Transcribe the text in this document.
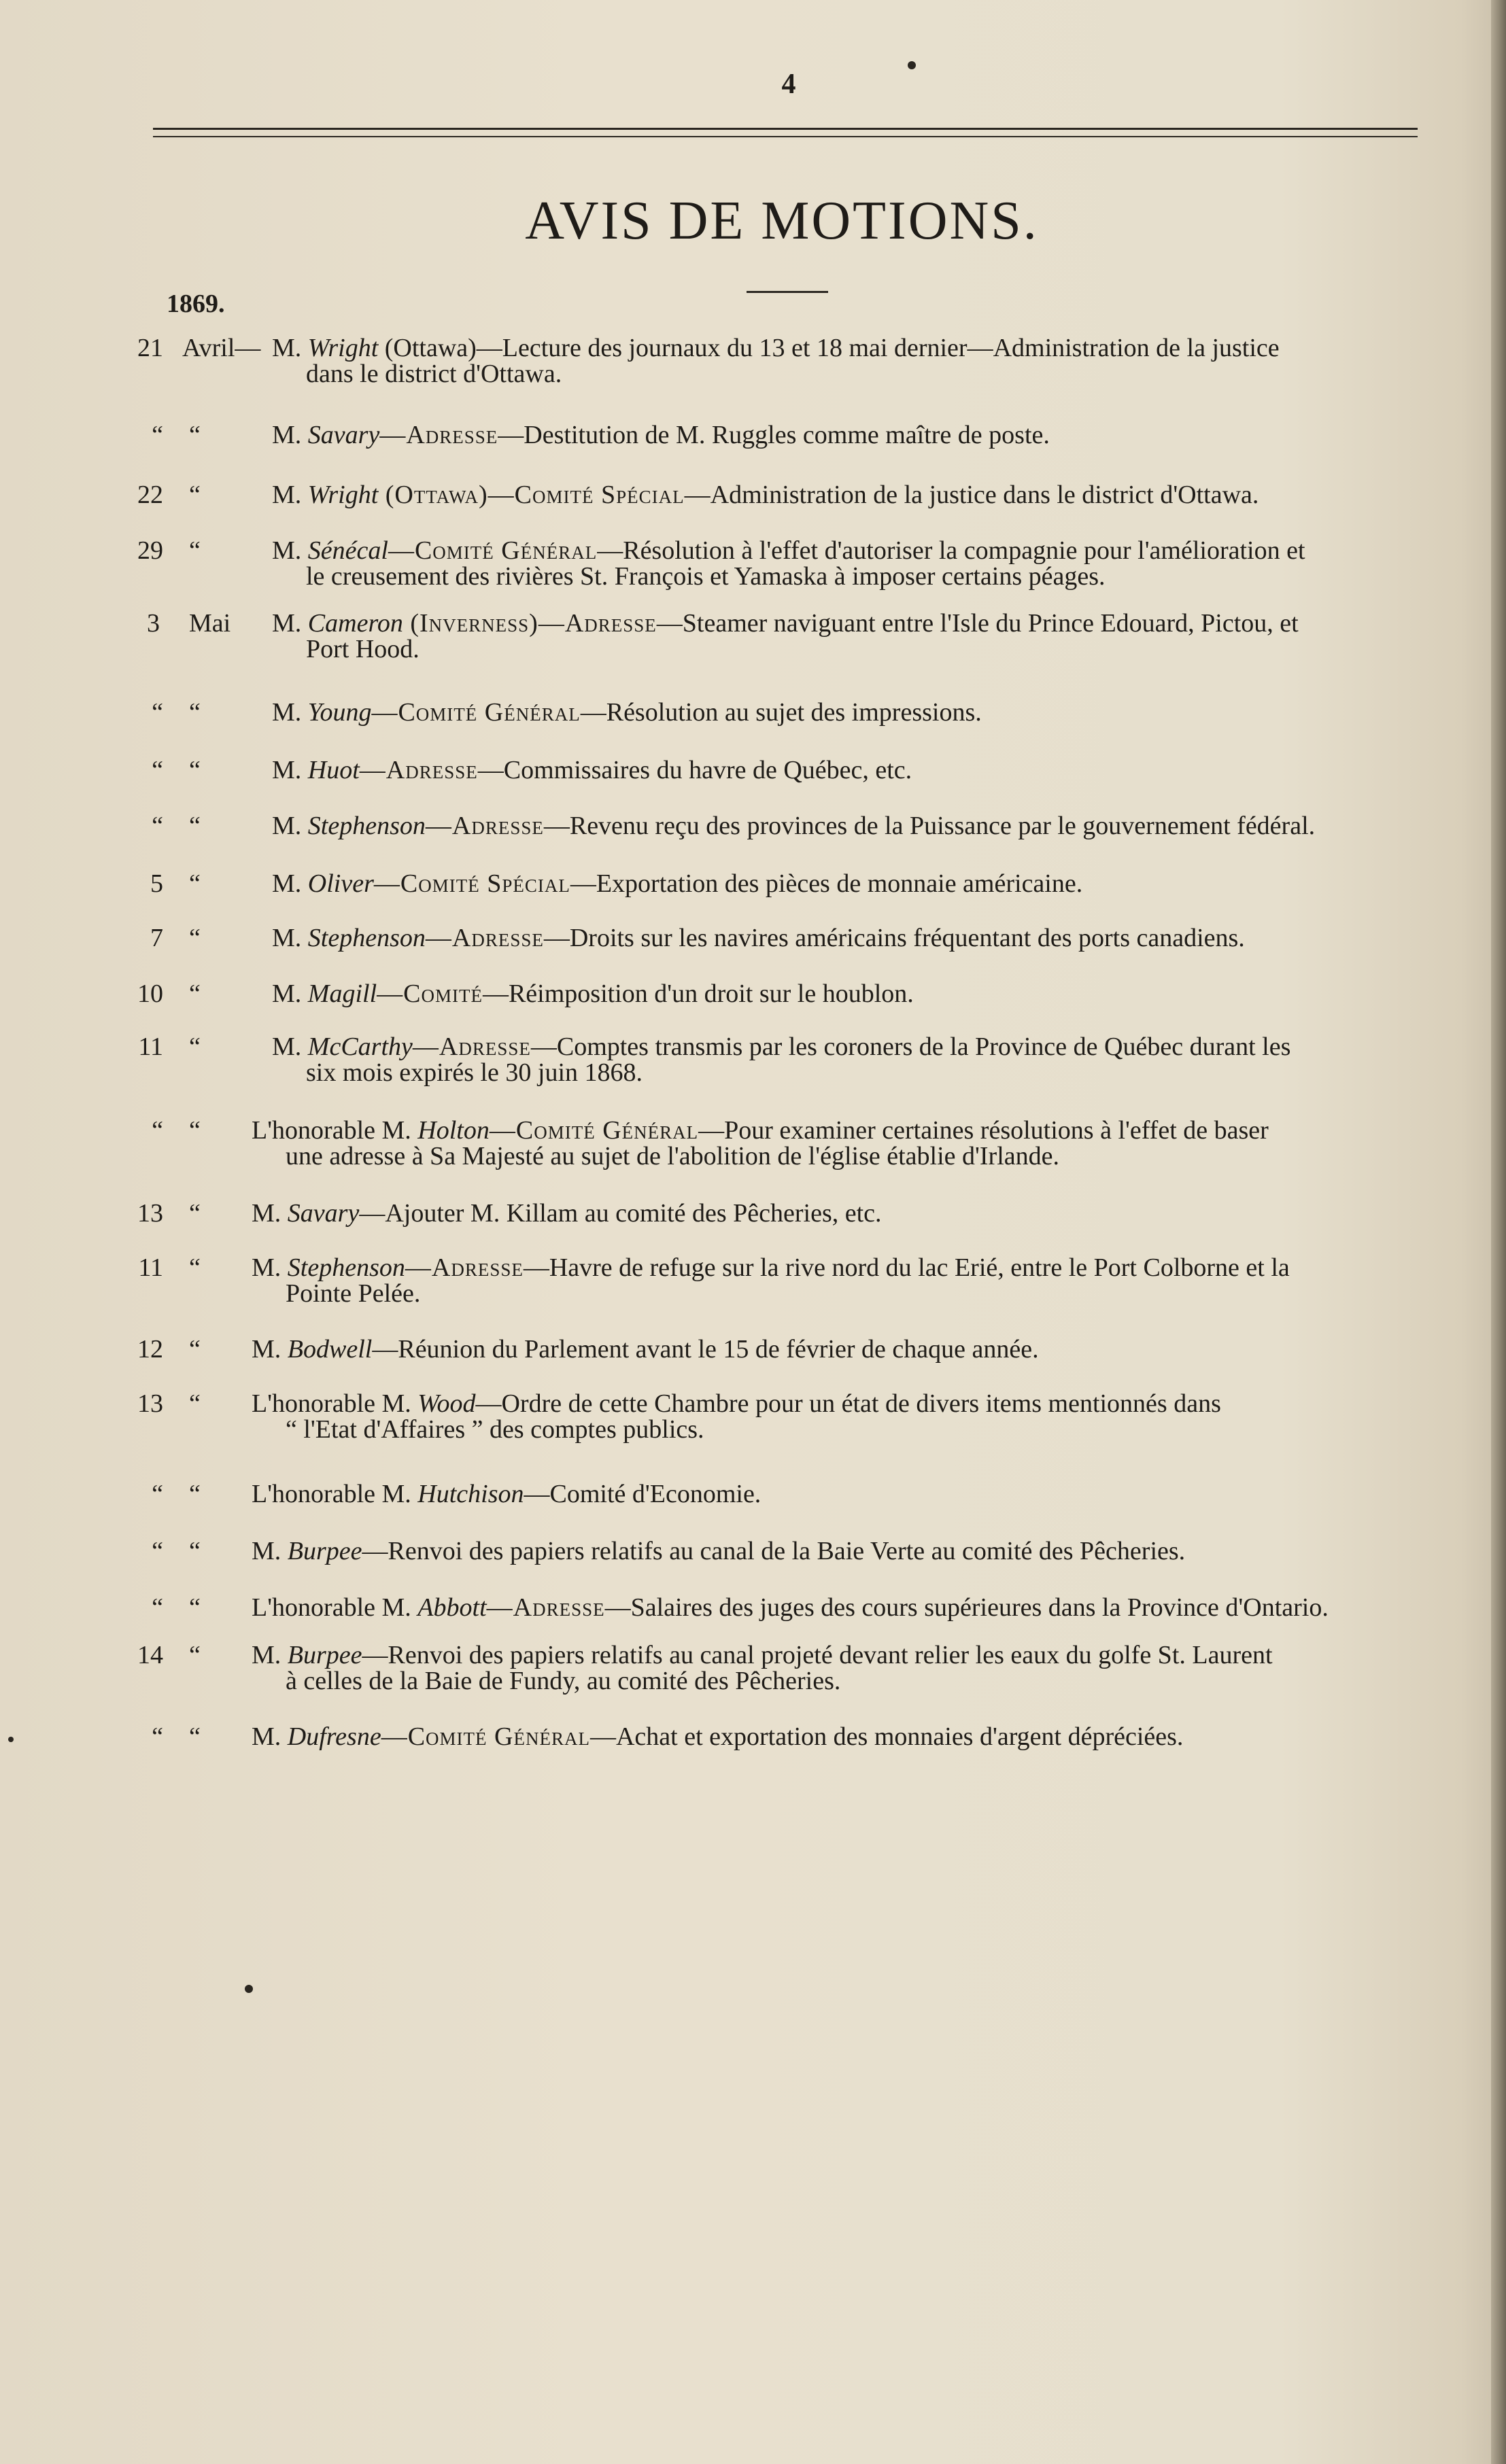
4
AVIS DE MOTIONS.
1869.
21 Avril— M. Wright (Ottawa)—Lecture des journaux du 13 et 18 mai dernier—Administration de la justice
dans le district d'Ottawa.
“ “	M. Savary—Adresse—Destitution de M. Ruggles comme maître de poste.
22 “	M. Wright (Ottawa)—Comité Spécial—Administration de la justice dans le district d'Ottawa.
29 “	M. Sénécal—Comité Général—Résolution à l'effet d'autoriser la compagnie pour l'amélioration et
le creusement des rivières St. François et Yamaska à imposer certains péages.
3 Mai M. Cameron (Inverness)—Adresse—Steamer naviguant entre l'Isle du Prince Edouard, Pictou, et
Port Hood.
“ “	M. Young—Comité Général—Résolution au sujet des impressions.
“ “	M. Huot—Adresse—Commissaires du havre de Québec, etc.
“ “	M. Stephenson—Adresse—Revenu reçu des provinces de la Puissance par le gouvernement fédéral.
5 “	M. Oliver—Comité Spécial—Exportation des pièces de monnaie américaine.
7 “	M. Stephenson—Adresse—Droits sur les navires américains fréquentant des ports canadiens.
10 “	M. Magill—Comité—Réimposition d'un droit sur le houblon.
11 “	M. McCarthy—Adresse—Comptes transmis par les coroners de la Province de Québec durant les
six mois expirés le 30 juin 1868.
“ “ L'honorable M. Holton—Comité Général—Pour examiner certaines résolutions à l'effet de baser
une adresse à Sa Majesté au sujet de l'abolition de l'église établie d'Irlande.
13 “ M. Savary—Ajouter M. Killam au comité des Pêcheries, etc.
11 “ M. Stephenson—Adresse—Havre de refuge sur la rive nord du lac Erié, entre le Port Colborne et la
Pointe Pelée.
12 “ M. Bodwell—Réunion du Parlement avant le 15 de février de chaque année.
13 “ L'honorable M. Wood—Ordre de cette Chambre pour un état de divers items mentionnés dans
“ l'Etat d'Affaires ” des comptes publics.
“ “ L'honorable M. Hutchison—Comité d'Economie.
“ “ M. Burpee—Renvoi des papiers relatifs au canal de la Baie Verte au comité des Pêcheries.
“ “ L'honorable M. Abbott—Adresse—Salaires des juges des cours supérieures dans la Province d'Ontario.
14 “ M. Burpee—Renvoi des papiers relatifs au canal projeté devant relier les eaux du golfe St. Laurent
à celles de la Baie de Fundy, au comité des Pêcheries.
“ “ M. Dufresne—Comité Général—Achat et exportation des monnaies d'argent dépréciées.
